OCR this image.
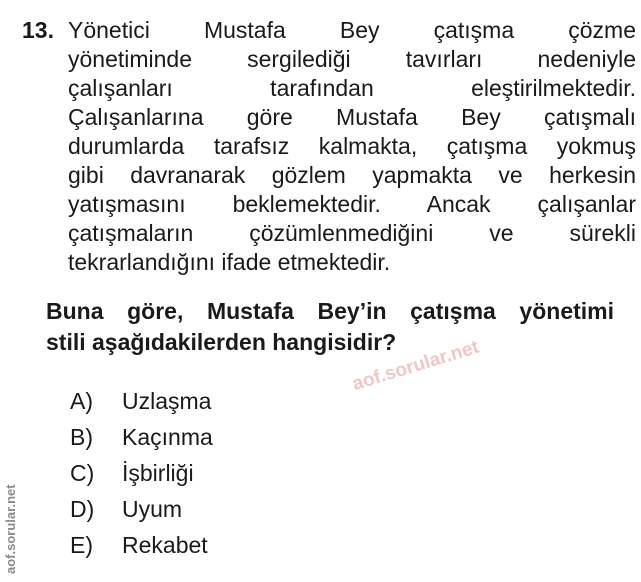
13. Yönetici Mustafa Bey çatışma çözme
yönetiminde sergilediği tavırları nedeniyle
çalışanları tarafından eleştirilmektedir.
Çalışanlarına göre Mustafa Bey çatışmalı
durumlarda tarafsız kalmakta, çatışma yokmuş
gibi davranarak gözlem yapmakta ve herkesin
yatışmasını beklemektedir. Ancak çalışanlar
çatışmaların çözümlenmediğini ve sürekli
tekrarlandığını ifade etmektedir.
Buna göre, Mustafa Bey’in çatışma yönetimi
stili aşağıdakilerden hangisidir?
A)	Uzlaşma
B)	Kaçınma
C)	İşbirliği
D)	Uyum
E)	Rekabet
aof.sorular.net
aof.sorular.net
